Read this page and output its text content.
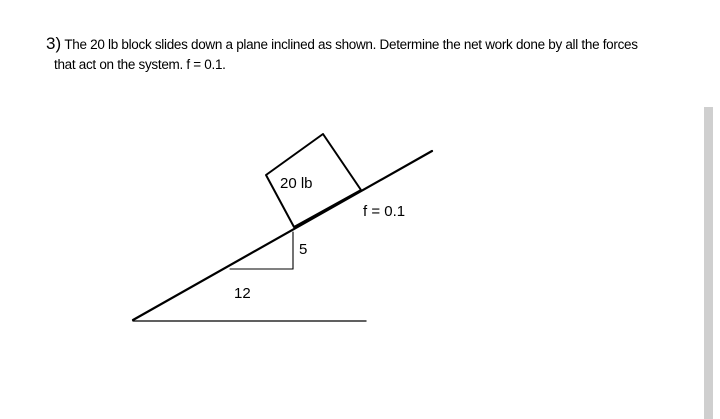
3) The 20 lb block slides down a plane inclined as shown. Determine the net work done by all the forces
that act on the system. f = 0.1.
20 lb
f = 0.1
5
12
